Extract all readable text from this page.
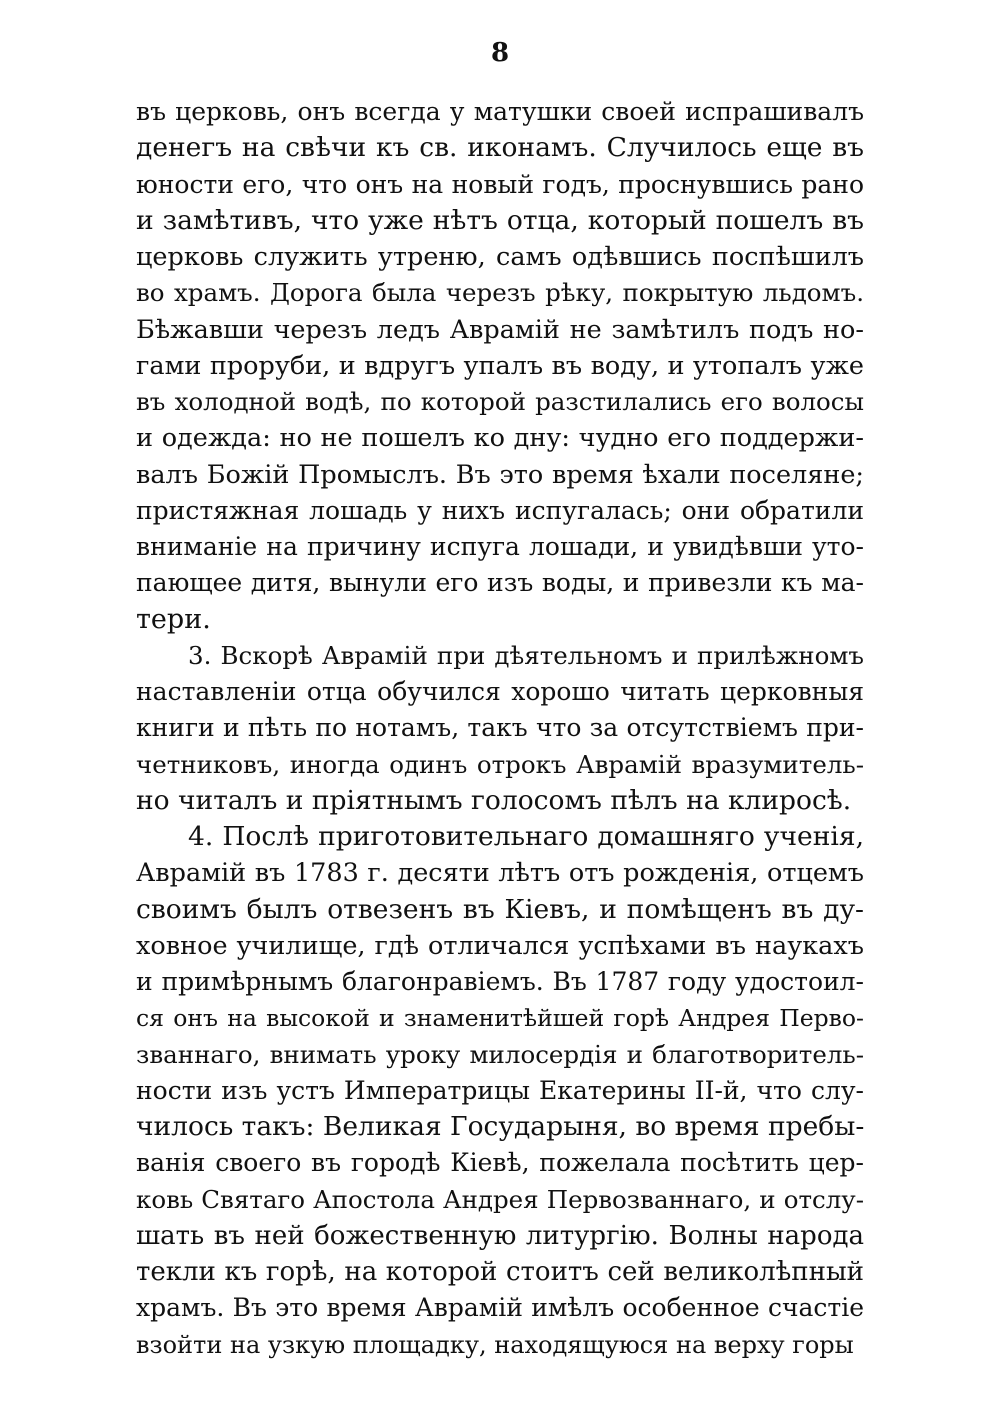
8
въ церковь, онъ всегда у матушки своей испрашивалъ
денегъ на свѣчи къ св. иконамъ. Случилось еще въ
юности его, что онъ на новый годъ, проснувшись рано
и замѣтивъ, что уже нѣтъ отца, который пошелъ въ
церковь служить утреню, самъ одѣвшись поспѣшилъ
во храмъ. Дорога была черезъ рѣку, покрытую льдомъ.
Бѣжавши черезъ ледъ Аврамій не замѣтилъ подъ но-
гами проруби, и вдругъ упалъ въ воду, и утопалъ уже
въ холодной водѣ, по которой разстилались его волосы
и одежда: но не пошелъ ко дну: чудно его поддержи-
валъ Божій Промыслъ. Въ это время ѣхали поселяне;
пристяжная лошадь у нихъ испугалась; они обратили
вниманіе на причину испуга лошади, и увидѣвши уто-
пающее дитя, вынули его изъ воды, и привезли къ ма-
тери.
3. Вскорѣ Аврамій при дѣятельномъ и прилѣжномъ
наставленіи отца обучился хорошо читать церковныя
книги и пѣть по нотамъ, такъ что за отсутствіемъ при-
четниковъ, иногда одинъ отрокъ Аврамій вразумитель-
но читалъ и пріятнымъ голосомъ пѣлъ на клиросѣ.
4. Послѣ приготовительнаго домашняго ученія,
Аврамій въ 1783 г. десяти лѣтъ отъ рожденія, отцемъ
своимъ былъ отвезенъ въ Кіевъ, и помѣщенъ въ ду-
ховное училище, гдѣ отличался успѣхами въ наукахъ
и примѣрнымъ благонравіемъ. Въ 1787 году удостоил-
ся онъ на высокой и знаменитѣйшей горѣ Андрея Перво-
званнаго, внимать уроку милосердія и благотворитель-
ности изъ устъ Императрицы Екатерины II-й, что слу-
чилось такъ: Великая Государыня, во время пребы-
ванія своего въ городѣ Кіевѣ, пожелала посѣтить цер-
ковь Святаго Апостола Андрея Первозваннаго, и отслу-
шать въ ней божественную литургію. Волны народа
текли къ горѣ, на которой стоитъ сей великолѣпный
храмъ. Въ это время Аврамій имѣлъ особенное счастіе
взойти на узкую площадку, находящуюся на верху горы
